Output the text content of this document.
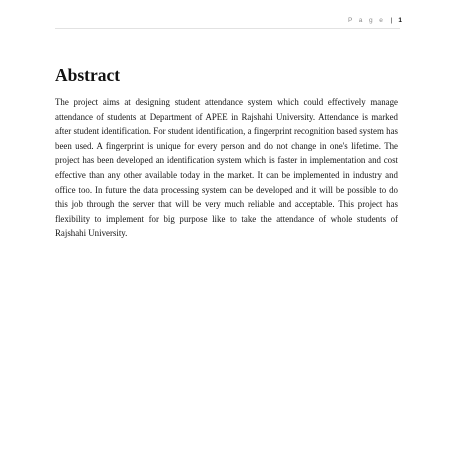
P a g e | 1
Abstract

The project aims at designing student attendance system which could effectively manage attendance of students at Department of APEE in Rajshahi University. Attendance is marked after student identification. For student identification, a fingerprint recognition based system has been used. A fingerprint is unique for every person and do not change in one's lifetime. The project has been developed an identification system which is faster in implementation and cost effective than any other available today in the market. It can be implemented in industry and office too. In future the data processing system can be developed and it will be possible to do this job through the server that will be very much reliable and acceptable. This project has flexibility to implement for big purpose like to take the attendance of whole students of Rajshahi University.
